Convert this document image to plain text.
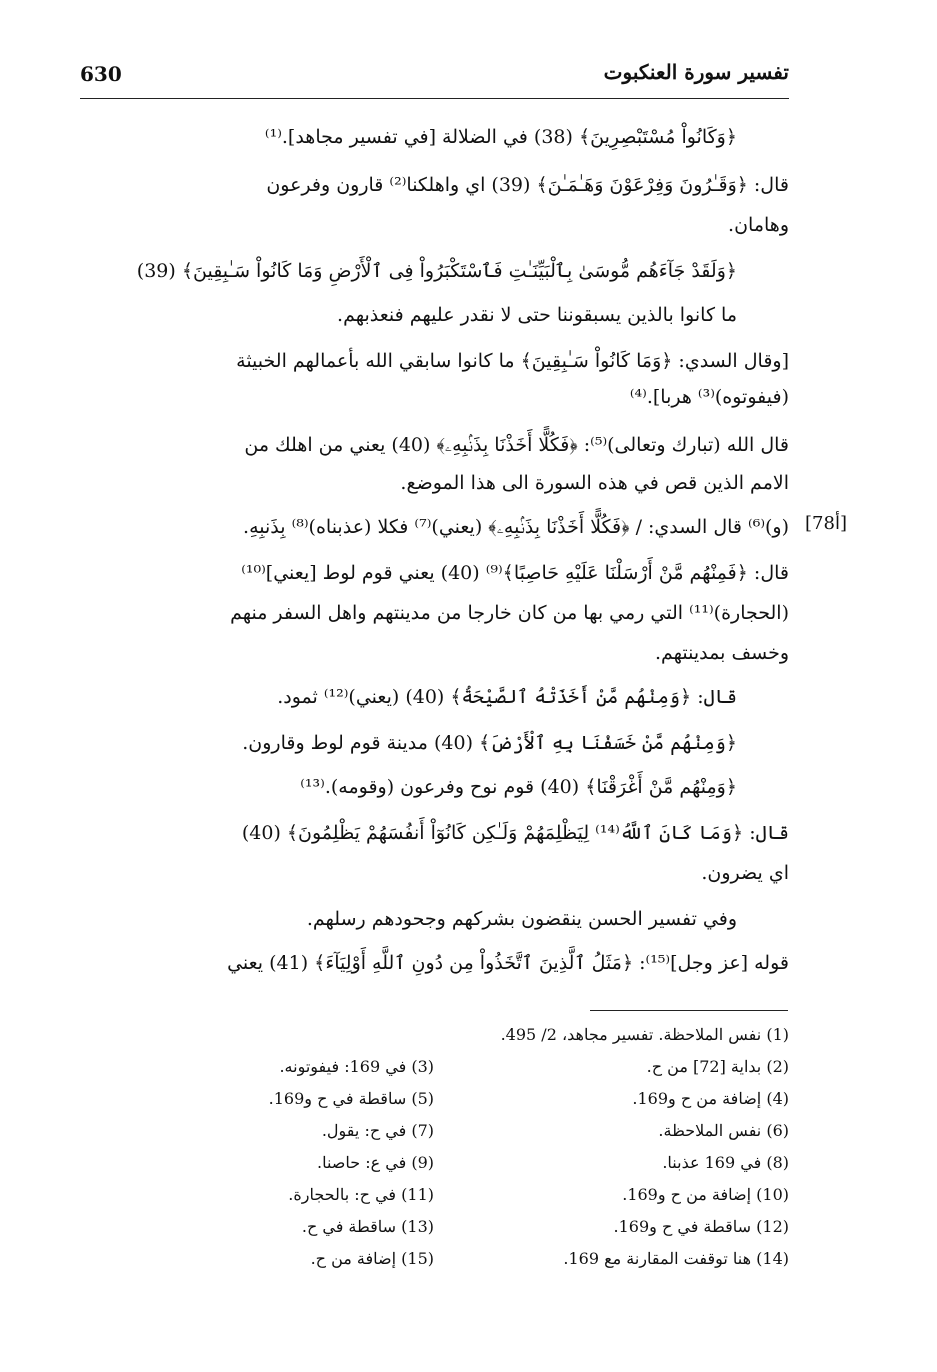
630	تفسير سورة العنكبوت
﴿وَكَانُواْ مُسْتَبْصِرِينَ﴾ (38) في الضلالة [في تفسير مجاهد].⁽¹⁾
قال: ﴿وَقَـٰرُونَ وَفِرْعَوْنَ وَهَـٰمَـٰنَ﴾ (39) اي واهلكنا⁽²⁾ قارون وفرعون
وهامان.
﴿وَلَقَدْ جَآءَهُم مُّوسَىٰ بِٱلْبَيِّنَـٰتِ فَٱسْتَكْبَرُواْ فِى ٱلْأَرْضِ وَمَا كَانُواْ سَـٰبِقِينَ﴾ (39)
ما كانوا بالذين يسبقوننا حتى لا نقدر عليهم فنعذبهم.
[وقال السدي: ﴿وَمَا كَانُواْ سَـٰبِقِينَ﴾ ما كانوا سابقي الله بأعمالهم الخبيثة
(فيفوتوه)⁽³⁾ هربا].⁽⁴⁾
قال الله (تبارك وتعالى)⁽⁵⁾: ﴿فَكُلًّا أَخَذْنَا بِذَنۢبِهِۦ﴾ (40) يعني من اهلك من
الامم الذين قص في هذه السورة الى هذا الموضع.
(و)⁽⁶⁾ قال السدي: / ﴿فَكُلًّا أَخَذْنَا بِذَنۢبِهِۦ﴾ (يعني)⁽⁷⁾ فكلا (عذبناه)⁽⁸⁾ بِذَنبِهِ. [78أ]
قال: ﴿فَمِنْهُم مَّنْ أَرْسَلْنَا عَلَيْهِ حَاصِبًا﴾⁽⁹⁾ (40) يعني قوم لوط [يعني]⁽¹⁰⁾
(الحجارة)⁽¹¹⁾ التي رمي بها من كان خارجا من مدينتهم واهل السفر منهم
وخسف بمدينتهم.
قال: ﴿وَمِنْهُم مَّنْ أَخَذَتْهُ ٱلصَّيْحَةُ﴾ (40) (يعني)⁽¹²⁾ ثمود.
﴿وَمِنْهُم مَّنْ خَسَفْنَا بِهِ ٱلْأَرْضَ﴾ (40) مدينة قوم لوط وقارون.
﴿وَمِنْهُم مَّنْ أَغْرَقْنَا﴾ (40) قوم نوح وفرعون (وقومه).⁽¹³⁾
قال: ﴿وَمَا كَانَ ٱللَّهُ⁽¹⁴⁾ لِيَظْلِمَهُمْ وَلَـٰكِن كَانُوٓاْ أَنفُسَهُمْ يَظْلِمُونَ﴾ (40)
اي يضرون.
وفي تفسير الحسن ينقضون بشركهم وجحودهم رسلهم.
قوله [عز وجل]⁽¹⁵⁾: ﴿مَثَلُ ٱلَّذِينَ ٱتَّخَذُواْ مِن دُونِ ٱللَّهِ أَوْلِيَآءَ﴾ (41) يعني
(1) نفس الملاحظة. تفسير مجاهد، 2/ 495.
(2) بداية [72] من ح.
(4) إضافة من ح و169.
(6) نفس الملاحظة.
(8) في 169 عذبنا.
(10) إضافة من ح و169.
(12) ساقطة في ح و169.
(14) هنا توقفت المقارنة مع 169.
(3) في 169: فيفوتونه.
(5) ساقطة في ح و169.
(7) في ح: يقول.
(9) في ع: حاصنا.
(11) في ح: بالحجارة.
(13) ساقطة في ح.
(15) إضافة من ح.
